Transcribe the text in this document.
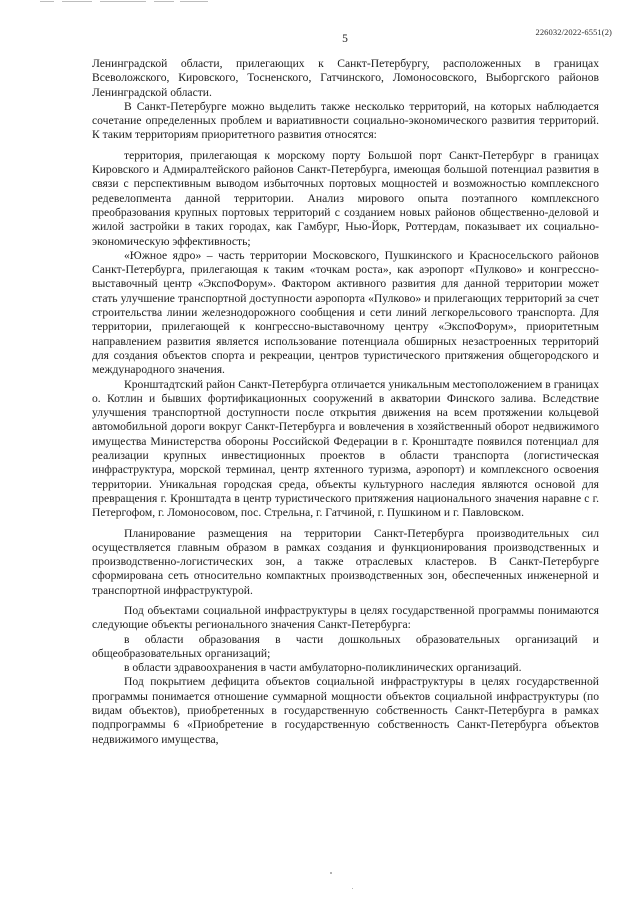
5
226032/2022-6551(2)

Ленинградской области, прилегающих к Санкт-Петербургу, расположенных в границах Всеволожского, Кировского, Тосненского, Гатчинского, Ломоносовского, Выборгского районов Ленинградской области.

В Санкт-Петербурге можно выделить также несколько территорий, на которых наблюдается сочетание определенных проблем и вариативности социально-экономического развития территорий. К таким территориям приоритетного развития относятся:

территория, прилегающая к морскому порту Большой порт Санкт-Петербург в границах Кировского и Адмиралтейского районов Санкт-Петербурга, имеющая большой потенциал развития в связи с перспективным выводом избыточных портовых мощностей и возможностью комплексного редевелопмента данной территории. Анализ мирового опыта поэтапного комплексного преобразования крупных портовых территорий с созданием новых районов общественно-деловой и жилой застройки в таких городах, как Гамбург, Нью-Йорк, Роттердам, показывает их социально-экономическую эффективность;

«Южное ядро» – часть территории Московского, Пушкинского и Красносельского районов Санкт-Петербурга, прилегающая к таким «точкам роста», как аэропорт «Пулково» и конгрессно-выставочный центр «ЭкспоФорум». Фактором активного развития для данной территории может стать улучшение транспортной доступности аэропорта «Пулково» и прилегающих территорий за счет строительства линии железнодорожного сообщения и сети линий легкорельсового транспорта. Для территории, прилегающей к конгрессно-выставочному центру «ЭкспоФорум», приоритетным направлением развития является использование потенциала обширных незастроенных территорий для создания объектов спорта и рекреации, центров туристического притяжения общегородского и международного значения.

Кронштадтский район Санкт-Петербурга отличается уникальным местоположением в границах о. Котлин и бывших фортификационных сооружений в акватории Финского залива. Вследствие улучшения транспортной доступности после открытия движения на всем протяжении кольцевой автомобильной дороги вокруг Санкт-Петербурга и вовлечения в хозяйственный оборот недвижимого имущества Министерства обороны Российской Федерации в г. Кронштадте появился потенциал для реализации крупных инвестиционных проектов в области транспорта (логистическая инфраструктура, морской терминал, центр яхтенного туризма, аэропорт) и комплексного освоения территории. Уникальная городская среда, объекты культурного наследия являются основой для превращения г. Кронштадта в центр туристического притяжения национального значения наравне с г. Петергофом, г. Ломоносовом, пос. Стрельна, г. Гатчиной, г. Пушкином и г. Павловском.

Планирование размещения на территории Санкт-Петербурга производительных сил осуществляется главным образом в рамках создания и функционирования производственных и производственно-логистических зон, а также отраслевых кластеров. В Санкт-Петербурге сформирована сеть относительно компактных производственных зон, обеспеченных инженерной и транспортной инфраструктурой.

Под объектами социальной инфраструктуры в целях государственной программы понимаются следующие объекты регионального значения Санкт-Петербурга:

в области образования в части дошкольных образовательных организаций и общеобразовательных организаций;

в области здравоохранения в части амбулаторно-поликлинических организаций.

Под покрытием дефицита объектов социальной инфраструктуры в целях государственной программы понимается отношение суммарной мощности объектов социальной инфраструктуры (по видам объектов), приобретенных в государственную собственность Санкт-Петербурга в рамках подпрограммы 6 «Приобретение в государственную собственность Санкт-Петербурга объектов недвижимого имущества,
